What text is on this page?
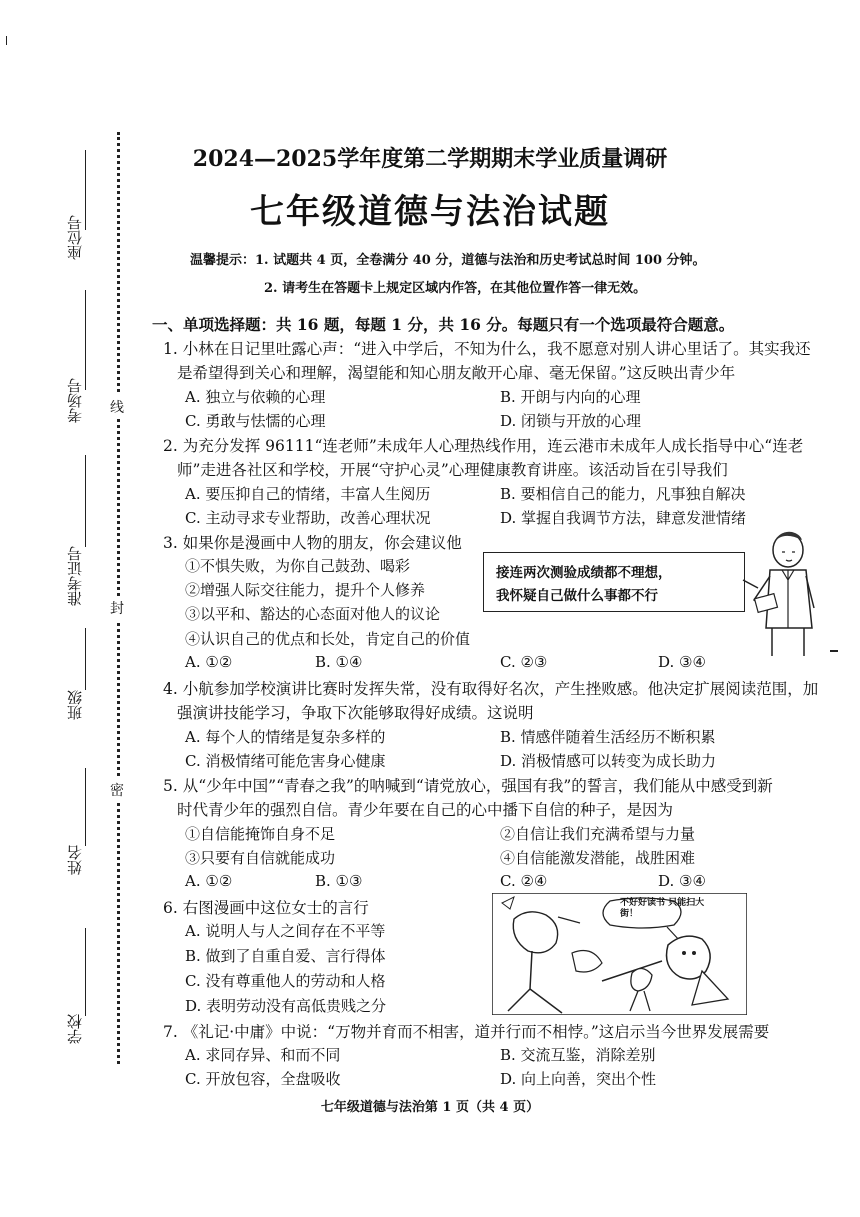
座位号
考场号
准考证号
班级
姓名
学校
线
封
密
2024—2025学年度第二学期期末学业质量调研
七年级道德与法治试题
温馨提示：1. 试题共 4 页，全卷满分 40 分，道德与法治和历史考试总时间 100 分钟。
2. 请考生在答题卡上规定区域内作答，在其他位置作答一律无效。
一、单项选择题：共 16 题，每题 1 分，共 16 分。每题只有一个选项最符合题意。
1. 小林在日记里吐露心声：“进入中学后，不知为什么，我不愿意对别人讲心里话了。其实我还
是希望得到关心和理解，渴望能和知心朋友敞开心扉、毫无保留。”这反映出青少年
A. 独立与依赖的心理	B. 开朗与内向的心理
C. 勇敢与怯懦的心理	D. 闭锁与开放的心理
2. 为充分发挥 96111“连老师”未成年人心理热线作用，连云港市未成年人成长指导中心“连老
师”走进各社区和学校，开展“守护心灵”心理健康教育讲座。该活动旨在引导我们
A. 要压抑自己的情绪，丰富人生阅历	B. 要相信自己的能力，凡事独自解决
C. 主动寻求专业帮助，改善心理状况	D. 掌握自我调节方法，肆意发泄情绪
3. 如果你是漫画中人物的朋友，你会建议他
①不惧失败，为你自己鼓劲、喝彩
②增强人际交往能力，提升个人修养
③以平和、豁达的心态面对他人的议论
④认识自己的优点和长处，肯定自己的价值
A. ①②	B. ①④	C. ②③	D. ③④
接连两次测验成绩都不理想，
我怀疑自己做什么事都不行
4. 小航参加学校演讲比赛时发挥失常，没有取得好名次，产生挫败感。他决定扩展阅读范围，加
强演讲技能学习，争取下次能够取得好成绩。这说明
A. 每个人的情绪是复杂多样的	B. 情感伴随着生活经历不断积累
C. 消极情绪可能危害身心健康	D. 消极情感可以转变为成长助力
5. 从“少年中国”“青春之我”的呐喊到“请党放心，强国有我”的誓言，我们能从中感受到新
时代青少年的强烈自信。青少年要在自己的心中播下自信的种子，是因为
①自信能掩饰自身不足	②自信让我们充满希望与力量
③只要有自信就能成功	④自信能激发潜能，战胜困难
A. ①②	B. ①③	C. ②④	D. ③④
6. 右图漫画中这位女士的言行
A. 说明人与人之间存在不平等
B. 做到了自重自爱、言行得体
C. 没有尊重他人的劳动和人格
D. 表明劳动没有高低贵贱之分
不好好读书 只能扫大街！
7. 《礼记·中庸》中说：“万物并育而不相害，道并行而不相悖。”这启示当今世界发展需要
A. 求同存异、和而不同	B. 交流互鉴，消除差别
C. 开放包容，全盘吸收	D. 向上向善，突出个性
七年级道德与法治第 1 页（共 4 页）
